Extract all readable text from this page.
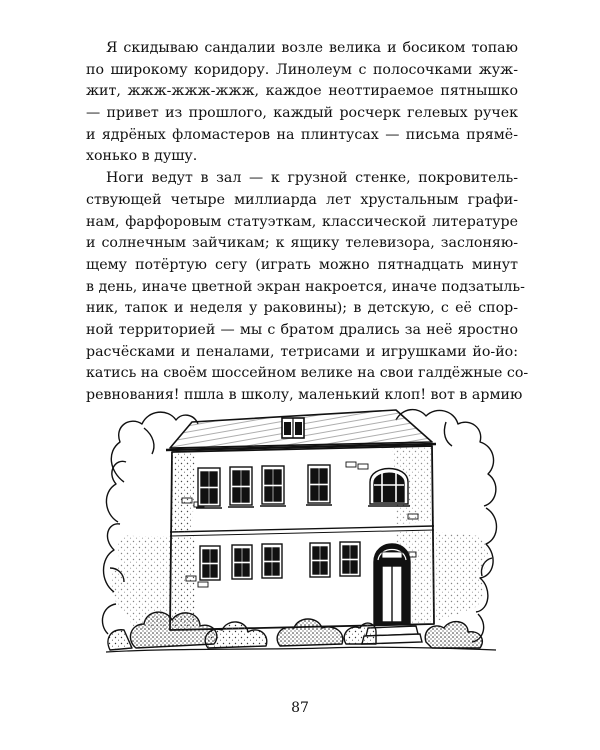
Я скидываю сандалии возле велика и босиком топаю
по широкому коридору. Линолеум с полосочками жуж-
жит, жжж-жжж-жжж, каждое неоттираемое пятнышко
— привет из прошлого, каждый росчерк гелевых ручек
и ядрёных фломастеров на плинтусах — письма прямё-
хонько в душу.
Ноги ведут в зал — к грузной стенке, покровитель-
ствующей четыре миллиарда лет хрустальным графи-
нам, фарфоровым статуэткам, классической литературе
и солнечным зайчикам; к ящику телевизора, заслоняю-
щему потёртую сегу (играть можно пятнадцать минут
в день, иначе цветной экран накроется, иначе подзатыль-
ник, тапок и неделя у раковины); в детскую, с её спор-
ной территорией — мы с братом дрались за неё яростно
расчёсками и пеналами, тетрисами и игрушками йо-йо:
катись на своём шоссейном велике на свои галдёжные со-
ревнования! пшла в школу, маленький клоп! вот в армию
87
